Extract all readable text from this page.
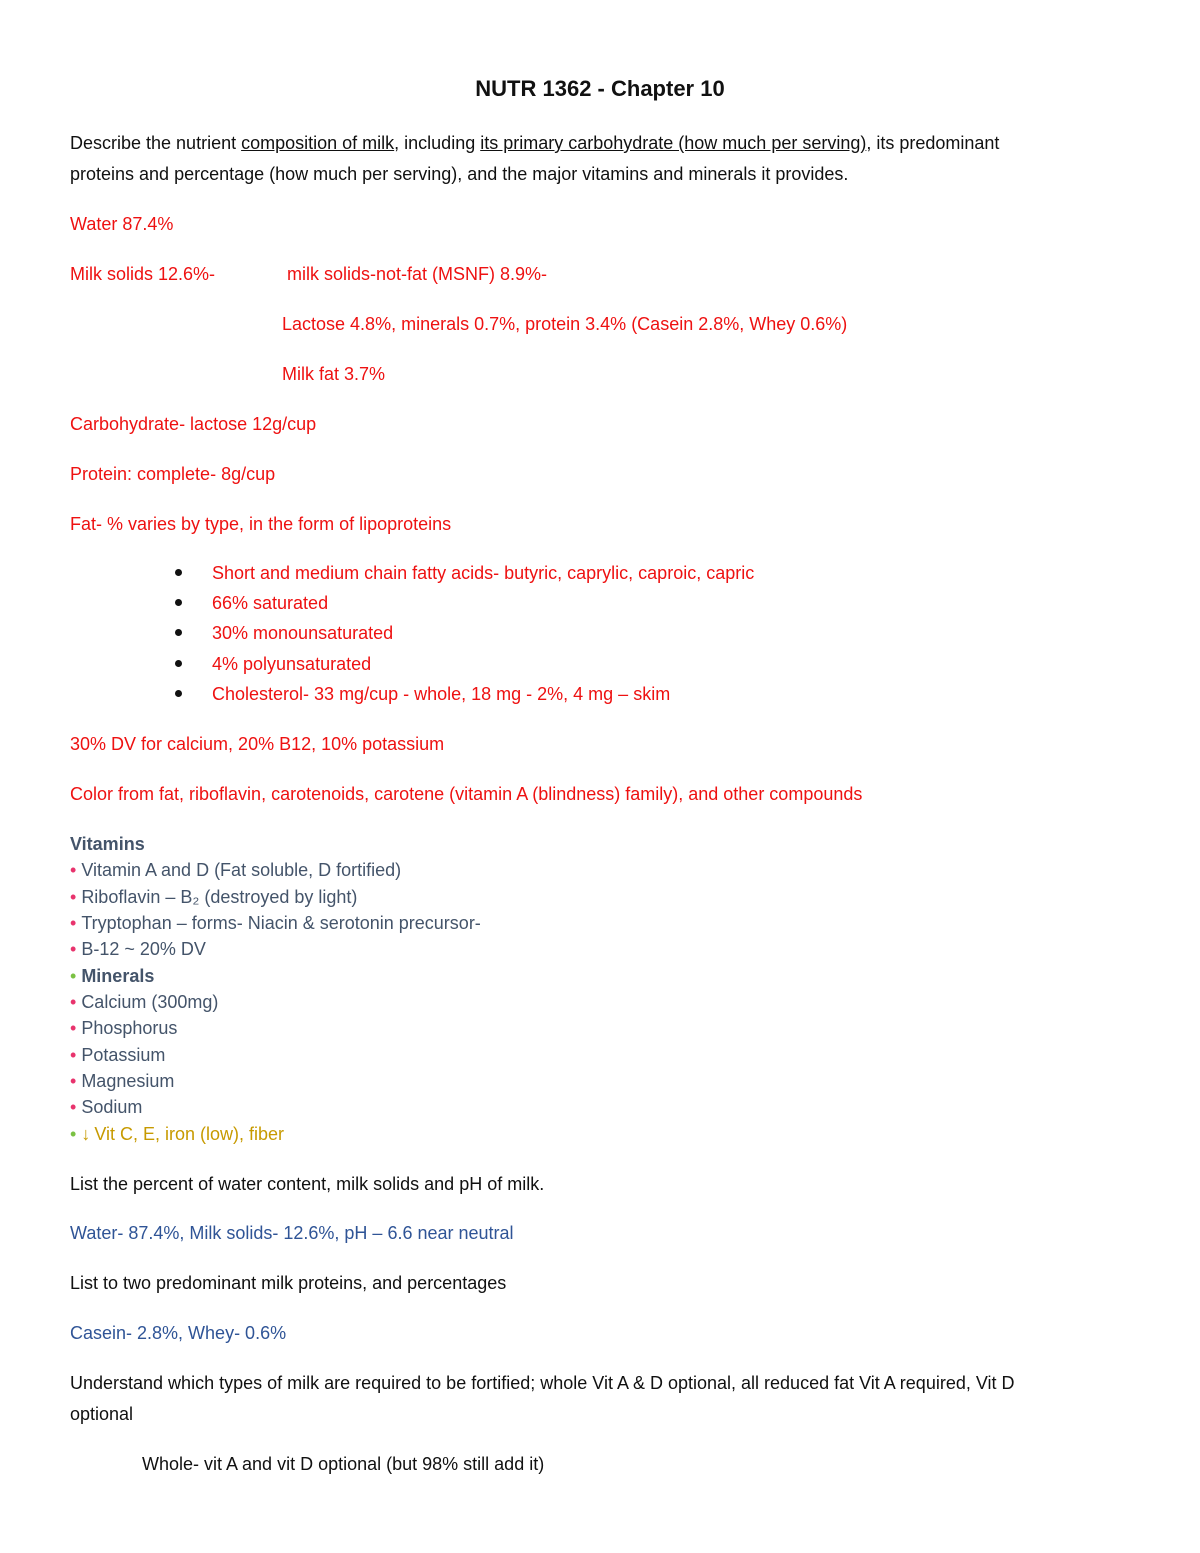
NUTR 1362 - Chapter 10
Describe the nutrient composition of milk, including its primary carbohydrate (how much per serving), its predominant
proteins and percentage (how much per serving), and the major vitamins and minerals it provides.
Water 87.4%
Milk solids 12.6%-	milk solids-not-fat (MSNF) 8.9%-
Lactose 4.8%, minerals 0.7%, protein 3.4% (Casein 2.8%, Whey 0.6%)
Milk fat 3.7%
Carbohydrate- lactose 12g/cup
Protein: complete- 8g/cup
Fat- % varies by type, in the form of lipoproteins
Short and medium chain fatty acids- butyric, caprylic, caproic, capric
66% saturated
30% monounsaturated
4% polyunsaturated
Cholesterol- 33 mg/cup - whole, 18 mg - 2%, 4 mg – skim
30% DV for calcium, 20% B12, 10% potassium
Color from fat, riboflavin, carotenoids, carotene (vitamin A (blindness) family), and other compounds
Vitamins
• Vitamin A and D (Fat soluble, D fortified)
• Riboflavin – B₂ (destroyed by light)
• Tryptophan – forms- Niacin & serotonin precursor-
• B-12 ~ 20% DV
• Minerals
• Calcium (300mg)
• Phosphorus
• Potassium
• Magnesium
• Sodium
• ↓ Vit C, E, iron (low), fiber
List the percent of water content, milk solids and pH of milk.
Water- 87.4%, Milk solids- 12.6%, pH – 6.6 near neutral
List to two predominant milk proteins, and percentages
Casein- 2.8%, Whey- 0.6%
Understand which types of milk are required to be fortified; whole Vit A & D optional, all reduced fat Vit A required, Vit D
optional
Whole- vit A and vit D optional (but 98% still add it)
